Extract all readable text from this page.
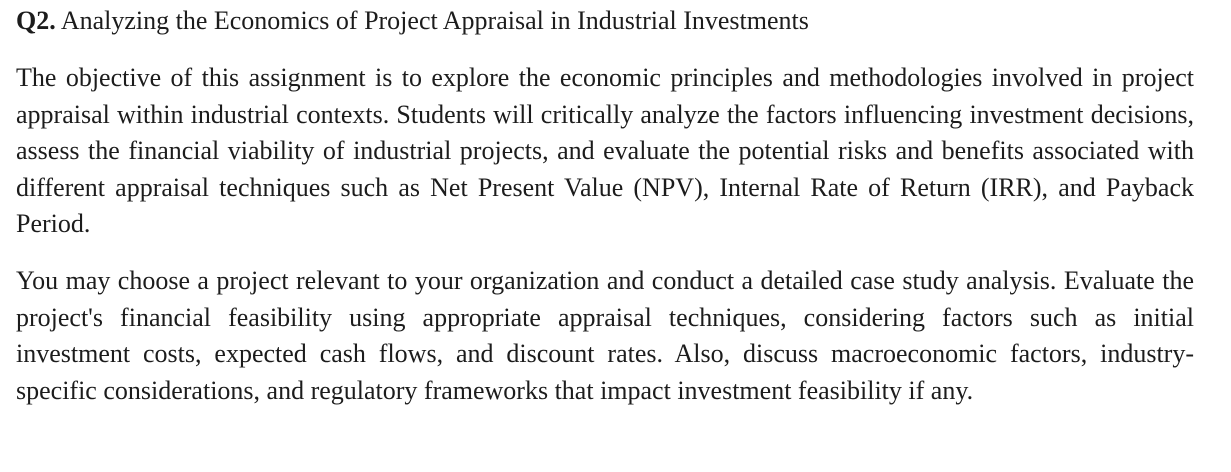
Q2. Analyzing the Economics of Project Appraisal in Industrial Investments

The objective of this assignment is to explore the economic principles and methodologies involved in project appraisal within industrial contexts. Students will critically analyze the factors influencing investment decisions, assess the financial viability of industrial projects, and evaluate the potential risks and benefits associated with different appraisal techniques such as Net Present Value (NPV), Internal Rate of Return (IRR), and Payback Period.

You may choose a project relevant to your organization and conduct a detailed case study analysis. Evaluate the project's financial feasibility using appropriate appraisal techniques, considering factors such as initial investment costs, expected cash flows, and discount rates. Also, discuss macroeconomic factors, industry-specific considerations, and regulatory frameworks that impact investment feasibility if any.
